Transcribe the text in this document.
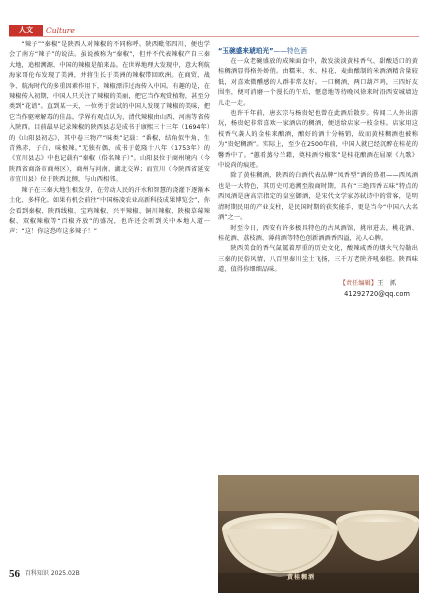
人文	Culture

“辣子”“秦椒”是陕西人对辣椒的不同称呼。陕西毗邻四川，便也学会了南方“辣子”的说法。虽说被称为“秦椒”，但并不代表辣椒产自三秦大地，追根溯源，中国的辣椒是舶来品。在世界地理大发现中，意大利航海家哥伦布发现了美洲，并将生长于美洲的辣椒带回欧洲。在商贸、战争、航海时代的多重因素作用下，辣椒漂洋过海传入中国。有趣的是，在辣椒传入初期，中国人只关注了辣椒的美丽，把它当作观赏植物，甚至分类到“花谱”。直到某一天，一位勇于尝试的中国人发现了辣椒的美味，把它当作驱寒解毒的佳品。学界有观点认为，清代辣椒由山西、河南等省传入陕西。目前最早记录辣椒的陕西县志是成书于康熙三十三年（1694年）的《山阳县初志》，其中卷三物产“味类”记载：“番椒，结角似牛角，生青熟赤，子白，味极辣。”无独有偶，成书于乾隆十八年（1753年）的《宜川县志》中也记载有“秦椒（俗名辣子）”。山阳县位于商州境内（今陕西省商洛市商州区），商州与河南、湖北交界；而宜川（今陕西省延安市宜川县）位于陕西北侧，与山西相邻。

辣子在三秦大地生根发芽，在劳动人民的汗水和智慧的浇灌下逐渐本土化、多样化。如果有机会前往“中国杨凌农业高新科技成果博览会”，你会看到秦椒、陕西线椒、宝鸡辣椒、兴平辣椒、铜川辣椒、陕椒草莓辣椒、双椒辣椒等“百椒齐放”的盛况，也许还会听到关中本地人道一声：“这！你这恐咋这多辣子！”

“玉碗盛来琥珀光”——特色酒

在一众老碗盛放的成辣面食中，散发淡淡黄桂香气、甜酸适口的黄桂稠酒显得格外娇俏。由糯米、水、桂花、麦曲酿制的米酒酒精含量较低，对喜欢微醺感的人群非常友好。一口稠酒，两口葫芦鸡，三四好友围坐，便可消磨一个漫长的午后，惬意地等待晚风徐来时沿西安城墙边儿走一走。

也许千年前，唐玄宗与杨贵妃也曾在此酒后散步。传闻二人外出游玩，杨贵妃非常喜欢一家酒店的稠酒，便送给店家一枝金桂。店家用这枝香气袭人的金桂来酿酒，酿好的酒十分畅销，故而黄桂稠酒也被称为“贵妃稠酒”。实际上，至少在2500年前，中国人就已经沉醉在桂花的馨香中了。“蕙肴蒸兮兰藉，奠桂酒兮椒浆”是桂花酿酒在屈原《九歌》中说尚的痕迹。

除了黄桂稠酒，陕西的白酒代表品牌“凤香型”酒的鼻祖——西凤酒也是一大特色，其历史可追溯至殷商时期，具有“三绝四香五味”特点的西凤酒是唐高宗指定的皇室御酒，是宋代文学家苏轼诗中的常客，是明清时期民用的产业支柱，是民国时期的获奖能手，更是当今“中国八大名酒”之一。

时至今日，西安有许多极具特色的古风酒馆，挑帘进去，桃花酒、桂花酒、荔枝酒、薄荷酒等特色创新酒酒香四溢，沁人心脾。

陕西美食的香气氤氲着厚重的历史文化，酸辣咸香的烟火气勾勒出三秦的民俗风情，八百里秦川尘土飞扬，三千万老陕齐吼秦腔。陕西味道，值得你细细品味。

【责任编辑】王　抓
41292720@qq.com
黄桂稠酒
56 百科知识 2025.02B
